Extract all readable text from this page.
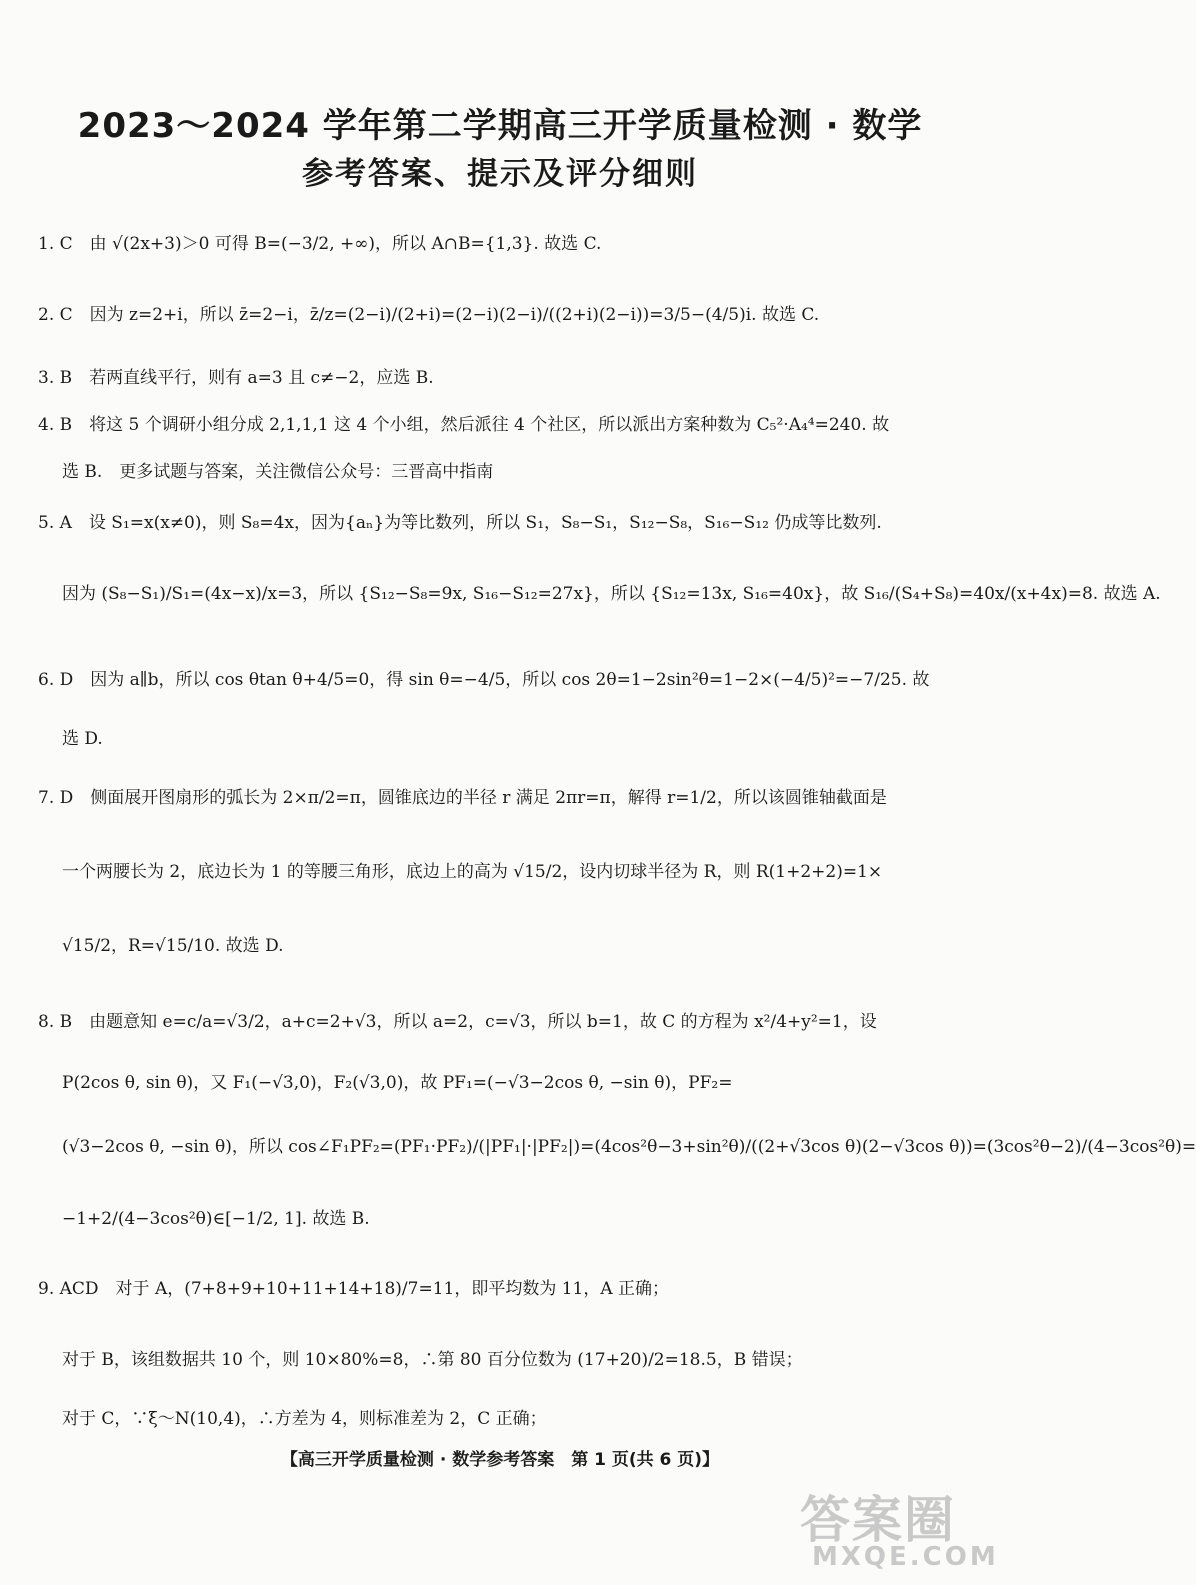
2023～2024 学年第二学期高三开学质量检测 · 数学
参考答案、提示及评分细则
1. C　由 √(2x+3)＞0 可得 B=(−3/2, +∞)，所以 A∩B={1,3}. 故选 C.
2. C　因为 z=2+i，所以 z̄=2−i，z̄/z=(2−i)/(2+i)=(2−i)(2−i)/((2+i)(2−i))=3/5−(4/5)i. 故选 C.
3. B　若两直线平行，则有 a=3 且 c≠−2，应选 B.
4. B　将这 5 个调研小组分成 2,1,1,1 这 4 个小组，然后派往 4 个社区，所以派出方案种数为 C₅²·A₄⁴=240. 故
选 B.　更多试题与答案，关注微信公众号：三晋高中指南
5. A　设 S₁=x(x≠0)，则 S₈=4x，因为{aₙ}为等比数列，所以 S₁，S₈−S₁，S₁₂−S₈，S₁₆−S₁₂ 仍成等比数列.
因为 (S₈−S₁)/S₁=(4x−x)/x=3，所以 {S₁₂−S₈=9x, S₁₆−S₁₂=27x}，所以 {S₁₂=13x, S₁₆=40x}，故 S₁₆/(S₄+S₈)=40x/(x+4x)=8. 故选 A.
6. D　因为 a∥b，所以 cos θtan θ+4/5=0，得 sin θ=−4/5，所以 cos 2θ=1−2sin²θ=1−2×(−4/5)²=−7/25. 故
选 D.
7. D　侧面展开图扇形的弧长为 2×π/2=π，圆锥底边的半径 r 满足 2πr=π，解得 r=1/2，所以该圆锥轴截面是
一个两腰长为 2，底边长为 1 的等腰三角形，底边上的高为 √15/2，设内切球半径为 R，则 R(1+2+2)=1×
√15/2，R=√15/10. 故选 D.
8. B　由题意知 e=c/a=√3/2，a+c=2+√3，所以 a=2，c=√3，所以 b=1，故 C 的方程为 x²/4+y²=1，设
P(2cos θ, sin θ)，又 F₁(−√3,0)，F₂(√3,0)，故 PF₁=(−√3−2cos θ, −sin θ)，PF₂=
(√3−2cos θ, −sin θ)，所以 cos∠F₁PF₂=(PF₁·PF₂)/(|PF₁|·|PF₂|)=(4cos²θ−3+sin²θ)/((2+√3cos θ)(2−√3cos θ))=(3cos²θ−2)/(4−3cos²θ)=
−1+2/(4−3cos²θ)∈[−1/2, 1]. 故选 B.
9. ACD　对于 A，(7+8+9+10+11+14+18)/7=11，即平均数为 11，A 正确；
对于 B，该组数据共 10 个，则 10×80%=8，∴第 80 百分位数为 (17+20)/2=18.5，B 错误；
对于 C，∵ξ～N(10,4)，∴方差为 4，则标准差为 2，C 正确；
【高三开学质量检测 · 数学参考答案　第 1 页(共 6 页)】
答案圈
MXQE.COM
